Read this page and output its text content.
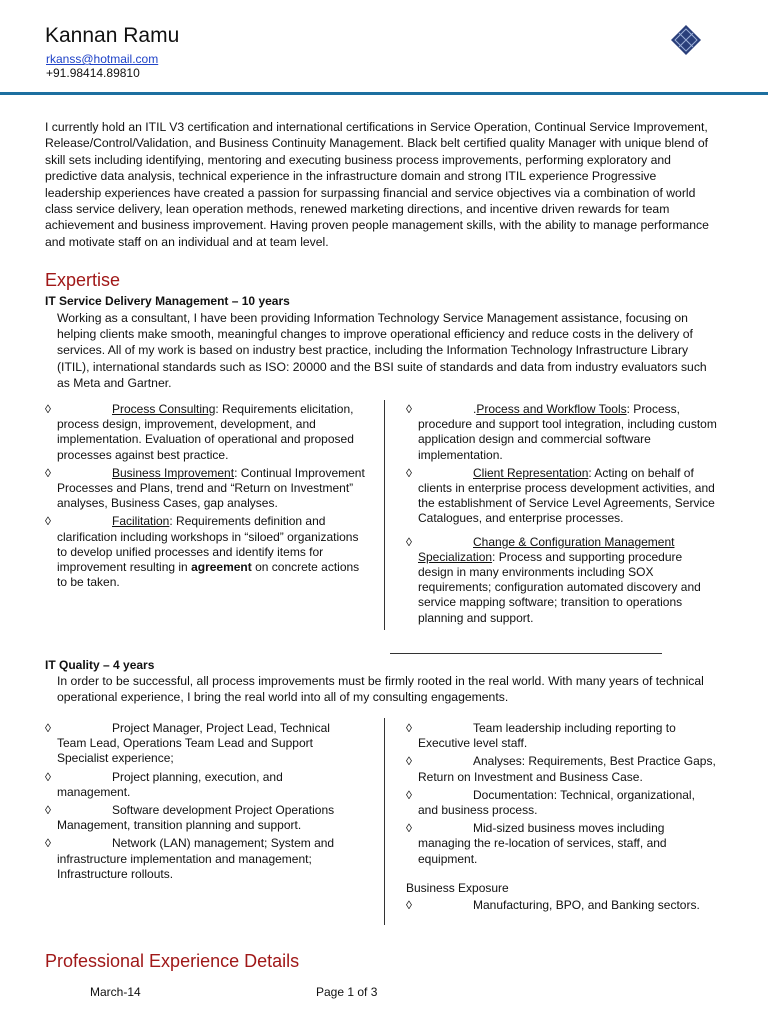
Kannan Ramu
rkanss@hotmail.com
+91.98414.89810
I currently hold an ITIL V3 certification and international certifications in Service Operation, Continual Service Improvement, Release/Control/Validation, and Business Continuity Management. Black belt certified quality Manager with unique blend of skill sets including identifying, mentoring and executing business process improvements, performing exploratory and predictive data analysis, technical experience in the infrastructure domain and strong ITIL experience Progressive leadership experiences have created a passion for surpassing financial and service objectives via a combination of world class service delivery, lean operation methods, renewed marketing directions, and incentive driven rewards for team achievement and business improvement. Having proven people management skills, with the ability to manage performance and motivate staff on an individual and at team level.
Expertise
IT Service Delivery Management – 10 years
Working as a consultant, I have been providing Information Technology Service Management assistance, focusing on helping clients make smooth, meaningful changes to improve operational efficiency and reduce costs in the delivery of services. All of my work is based on industry best practice, including the Information Technology Infrastructure Library (ITIL), international standards such as ISO: 20000 and the BSI suite of standards and data from industry evaluators such as Meta and Gartner.
◊	Process Consulting: Requirements elicitation, process design, improvement, development, and implementation. Evaluation of operational and proposed processes against best practice.
◊	Business Improvement: Continual Improvement Processes and Plans, trend and “Return on Investment” analyses, Business Cases, gap analyses.
◊	Facilitation: Requirements definition and clarification including workshops in “siloed” organizations to develop unified processes and identify items for improvement resulting in agreement on concrete actions to be taken.
◊	.Process and Workflow Tools: Process, procedure and support tool integration, including custom application design and commercial software implementation.
◊	Client Representation: Acting on behalf of clients in enterprise process development activities, and the establishment of Service Level Agreements, Service Catalogues, and enterprise processes.
◊	Change & Configuration Management Specialization: Process and supporting procedure design in many environments including SOX requirements; configuration automated discovery and service mapping software; transition to operations planning and support.
IT Quality – 4 years
In order to be successful, all process improvements must be firmly rooted in the real world. With many years of technical operational experience, I bring the real world into all of my consulting engagements.
◊	Project Manager, Project Lead, Technical Team Lead, Operations Team Lead and Support Specialist experience;
◊	Project planning, execution, and management.
◊	Software development Project Operations Management, transition planning and support.
◊	Network (LAN) management; System and infrastructure implementation and management; Infrastructure rollouts.
◊	Team leadership including reporting to Executive level staff.
◊	Analyses: Requirements, Best Practice Gaps, Return on Investment and Business Case.
◊	Documentation: Technical, organizational, and business process.
◊	Mid-sized business moves including managing the re-location of services, staff, and equipment.
Business Exposure
◊	Manufacturing, BPO, and Banking sectors.
Professional Experience Details
March-14	Page 1 of 3
